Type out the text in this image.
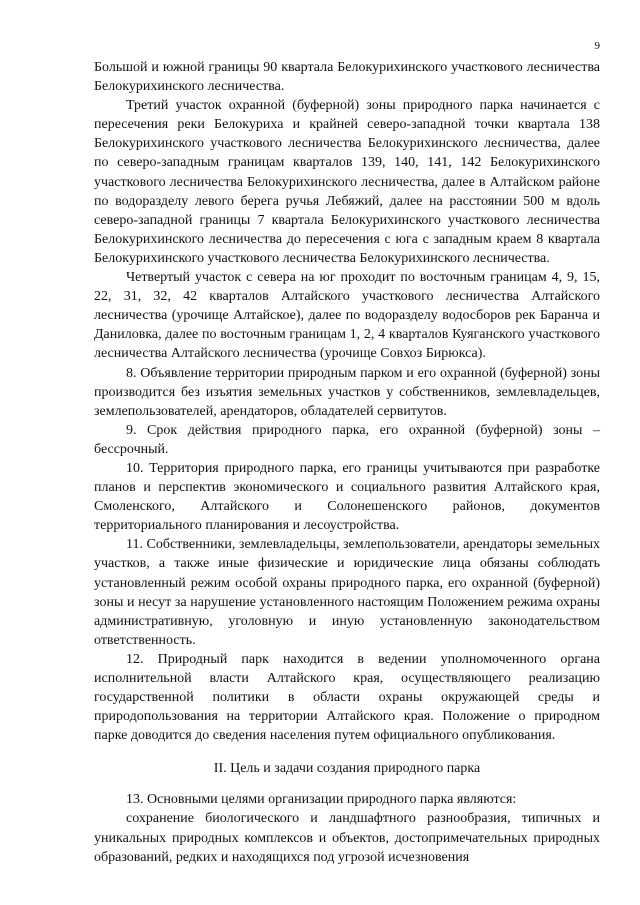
9

Большой и южной границы 90 квартала Белокурихинского участкового лесничества Белокурихинского лесничества.

Третий участок охранной (буферной) зоны природного парка начинается с пересечения реки Белокуриха и крайней северо-западной точки квартала 138 Белокурихинского участкового лесничества Белокурихинского лесничества, далее по северо-западным границам кварталов 139, 140, 141, 142 Белокурихинского участкового лесничества Белокурихинского лесничества, далее в Алтайском районе по водоразделу левого берега ручья Лебяжий, далее на расстоянии 500 м вдоль северо-западной границы 7 квартала Белокурихинского участкового лесничества Белокурихинского лесничества до пересечения с юга с западным краем 8 квартала Белокурихинского участкового лесничества Белокурихинского лесничества.

Четвертый участок с севера на юг проходит по восточным границам 4, 9, 15, 22, 31, 32, 42 кварталов Алтайского участкового лесничества Алтайского лесничества (урочище Алтайское), далее по водоразделу водосборов рек Баранча и Даниловка, далее по восточным границам 1, 2, 4 кварталов Куяганского участкового лесничества Алтайского лесничества (урочище Совхоз Бирюкса).

8. Объявление территории природным парком и его охранной (буферной) зоны производится без изъятия земельных участков у собственников, землевладельцев, землепользователей, арендаторов, обладателей сервитутов.

9. Срок действия природного парка, его охранной (буферной) зоны – бессрочный.

10. Территория природного парка, его границы учитываются при разработке планов и перспектив экономического и социального развития Алтайского края, Смоленского, Алтайского и Солонешенского районов, документов территориального планирования и лесоустройства.

11. Собственники, землевладельцы, землепользователи, арендаторы земельных участков, а также иные физические и юридические лица обязаны соблюдать установленный режим особой охраны природного парка, его охранной (буферной) зоны и несут за нарушение установленного настоящим Положением режима охраны административную, уголовную и иную установленную законодательством ответственность.

12. Природный парк находится в ведении уполномоченного органа исполнительной власти Алтайского края, осуществляющего реализацию государственной политики в области охраны окружающей среды и природопользования на территории Алтайского края. Положение о природном парке доводится до сведения населения путем официального опубликования.

II. Цель и задачи создания природного парка

13. Основными целями организации природного парка являются:

сохранение биологического и ландшафтного разнообразия, типичных и уникальных природных комплексов и объектов, достопримечательных природных образований, редких и находящихся под угрозой исчезновения
